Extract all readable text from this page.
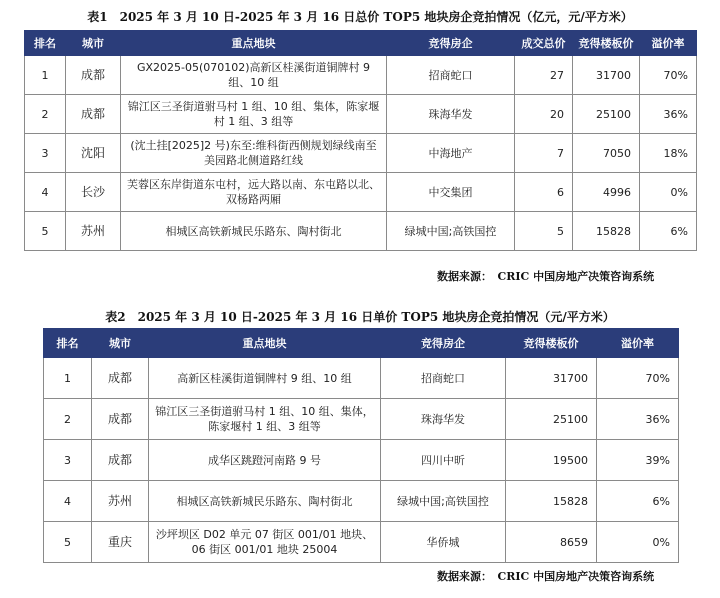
表1　2025 年 3 月 10 日-2025 年 3 月 16 日总价 TOP5 地块房企竞拍情况（亿元，元/平方米）
排名	城市	重点地块	竞得房企	成交总价	竞得楼板价	溢价率
1	成都	GX2025-05(070102)高新区桂溪街道铜牌村 9 组、10 组	招商蛇口	27	31700	70%
2	成都	锦江区三圣街道驸马村 1 组、10 组、集体，陈家堰村 1 组、3 组等	珠海华发	20	25100	36%
3	沈阳	(沈土挂[2025]2 号)东至:维科街西侧规划绿线南至美园路北侧道路红线	中海地产	7	7050	18%
4	长沙	芙蓉区东岸街道东屯村，远大路以南、东屯路以北、双杨路两厢	中交集团	6	4996	0%
5	苏州	相城区高铁新城民乐路东、陶村街北	绿城中国;高铁国控	5	15828	6%
数据来源：　CRIC 中国房地产决策咨询系统
表2　2025 年 3 月 10 日-2025 年 3 月 16 日单价 TOP5 地块房企竞拍情况（元/平方米）
排名	城市	重点地块	竞得房企	竞得楼板价	溢价率
1	成都	高新区桂溪街道铜牌村 9 组、10 组	招商蛇口	31700	70%
2	成都	锦江区三圣街道驸马村 1 组、10 组、集体，陈家堰村 1 组、3 组等	珠海华发	25100	36%
3	成都	成华区跳蹬河南路 9 号	四川中昕	19500	39%
4	苏州	相城区高铁新城民乐路东、陶村街北	绿城中国;高铁国控	15828	6%
5	重庆	沙坪坝区 D02 单元 07 街区 001/01 地块、06 街区 001/01 地块 25004	华侨城	8659	0%
数据来源：　CRIC 中国房地产决策咨询系统
